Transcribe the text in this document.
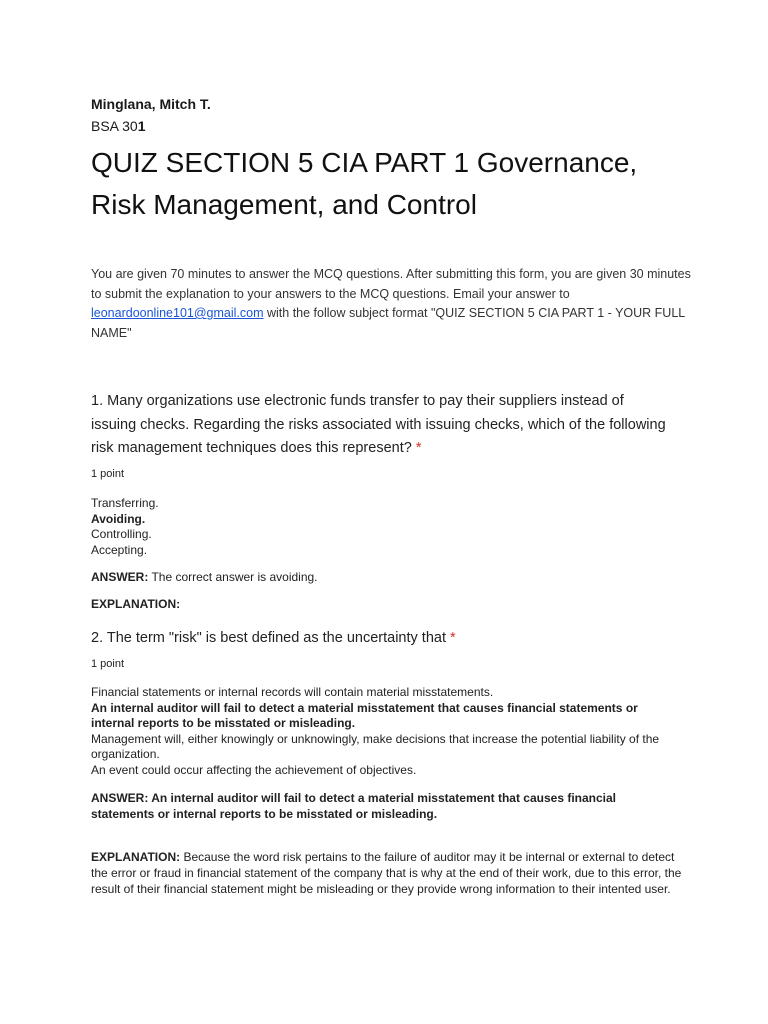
Minglana, Mitch T.
BSA 301
QUIZ SECTION 5 CIA PART 1 Governance, Risk Management, and Control
You are given 70 minutes to answer the MCQ questions. After submitting this form, you are given 30 minutes to submit the explanation to your answers to the MCQ questions. Email your answer to leonardoonline101@gmail.com with the follow subject format "QUIZ SECTION 5 CIA PART 1 - YOUR FULL NAME"
1. Many organizations use electronic funds transfer to pay their suppliers instead of issuing checks. Regarding the risks associated with issuing checks, which of the following risk management techniques does this represent? *
1 point
Transferring.
Avoiding.
Controlling.
Accepting.
ANSWER: The correct answer is avoiding.
EXPLANATION:
2. The term "risk" is best defined as the uncertainty that *
1 point
Financial statements or internal records will contain material misstatements.
An internal auditor will fail to detect a material misstatement that causes financial statements or internal reports to be misstated or misleading.
Management will, either knowingly or unknowingly, make decisions that increase the potential liability of the organization.
An event could occur affecting the achievement of objectives.
ANSWER: An internal auditor will fail to detect a material misstatement that causes financial statements or internal reports to be misstated or misleading.
EXPLANATION: Because the word risk pertains to the failure of auditor may it be internal or external to detect the error or fraud in financial statement of the company that is why at the end of their work, due to this error, the result of their financial statement might be misleading or they provide wrong information to their intented user.
